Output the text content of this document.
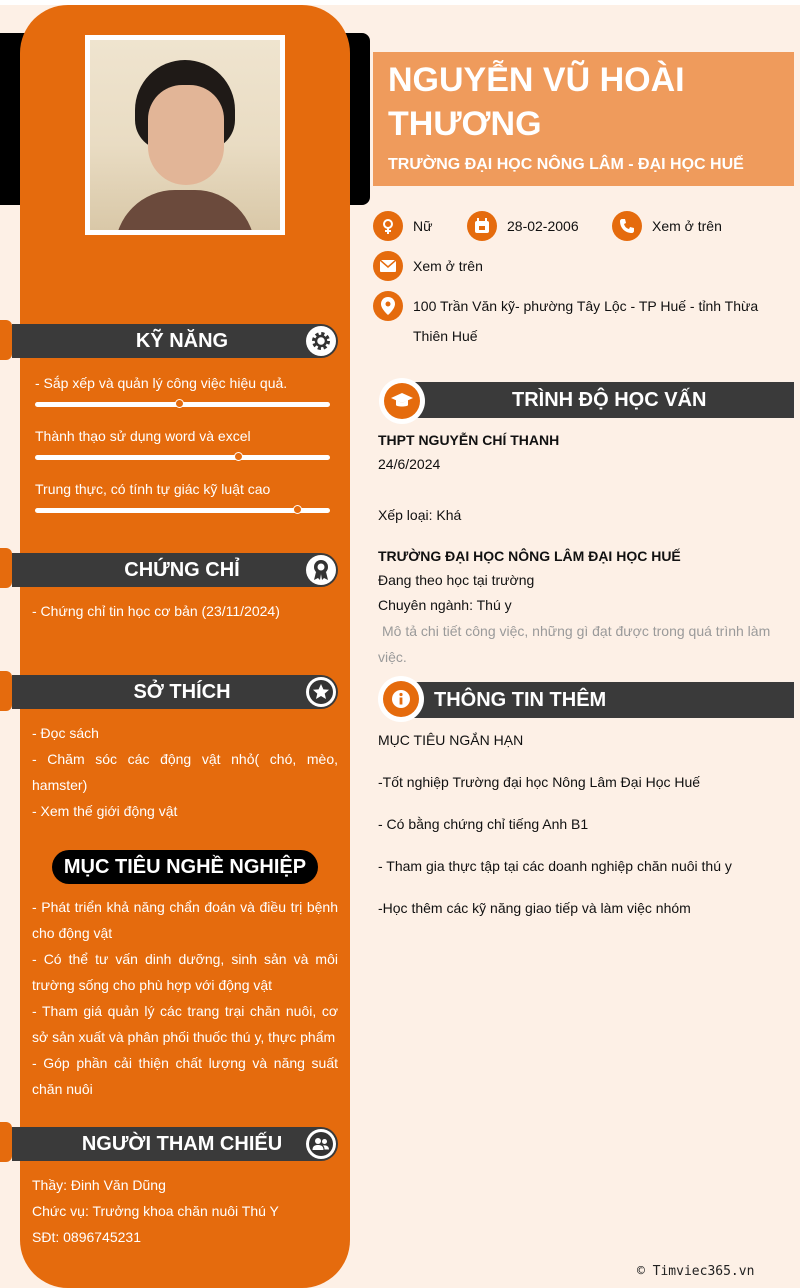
NGUYỄN VŨ HOÀI THƯƠNG
TRƯỜNG ĐẠI HỌC NÔNG LÂM - ĐẠI HỌC HUẾ
Nữ	28-02-2006	Xem ở trên
Xem ở trên
100 Trần Văn kỹ- phường Tây Lộc - TP Huế - tỉnh Thừa Thiên Huế
KỸ NĂNG
- Sắp xếp và quản lý công việc hiệu quả.
Thành thạo sử dụng word và excel
Trung thực, có tính tự giác kỹ luật cao
CHỨNG CHỈ
- Chứng chỉ tin học cơ bản (23/11/2024)
SỞ THÍCH
- Đọc sách
- Chăm sóc các động vật nhỏ( chó, mèo, hamster)
- Xem thế giới động vật
MỤC TIÊU NGHỀ NGHIỆP
- Phát triển khả năng chẩn đoán và điều trị bệnh cho động vật
- Có thể tư vấn dinh dưỡng, sinh sản và môi trường sống cho phù hợp với động vật
- Tham giá quản lý các trang trại chăn nuôi, cơ sở sản xuất và phân phối thuốc thú y, thực phẩm
- Góp phần cải thiện chất lượng và năng suất chăn nuôi
NGƯỜI THAM CHIẾU
Thầy: Đinh Văn Dũng
Chức vụ: Trưởng khoa chăn nuôi Thú Y
SĐt: 0896745231
TRÌNH ĐỘ HỌC VẤN
THPT NGUYỄN CHÍ THANH
24/6/2024
Xếp loại: Khá
TRƯỜNG ĐẠI HỌC NÔNG LÂM ĐẠI HỌC HUẾ
Đang theo học tại trường
Chuyên ngành: Thú y
Mô tả chi tiết công việc, những gì đạt được trong quá trình làm việc.
THÔNG TIN THÊM
MỤC TIÊU NGẮN HẠN
-Tốt nghiệp Trường đại học Nông Lâm Đại Học Huế
- Có bằng chứng chỉ tiếng Anh B1
- Tham gia thực tập tại các doanh nghiệp chăn nuôi thú y
-Học thêm các kỹ năng giao tiếp và làm việc nhóm
© Timviec365.vn
